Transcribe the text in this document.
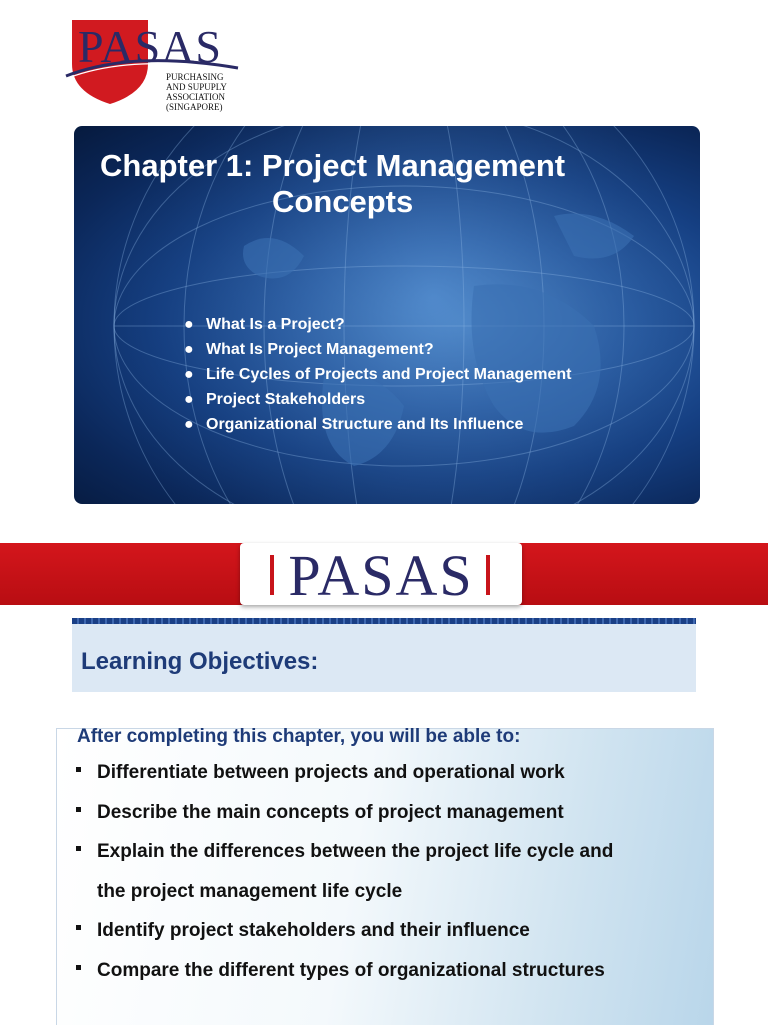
PASAS
PURCHASING
AND SUPUPLY
ASSOCIATION
(SINGAPORE)
Chapter 1: Project Management
Concepts
● What Is a Project?
● What Is Project Management?
● Life Cycles of Projects and Project Management
● Project Stakeholders
● Organizational Structure and Its Influence
PASAS
Learning Objectives:
After completing this chapter, you will be able to:
Differentiate between projects and operational work
Describe the main concepts of project management
Explain the differences between the project life cycle and
the project management life cycle
Identify project stakeholders and their influence
Compare the different types of organizational structures
